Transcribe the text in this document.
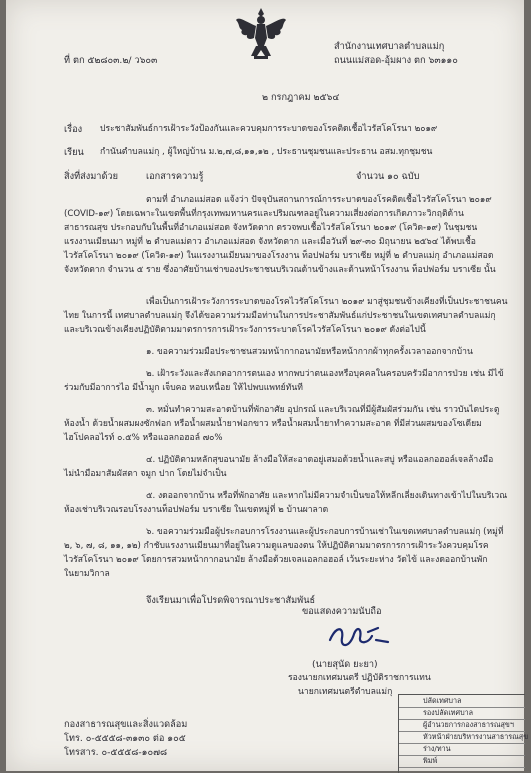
ที่ ตก ๕๒๘๐๓.๒/ ว๖๐๓
สำนักงานเทศบาลตำบลแม่กุ
ถนนแม่สอด-อุ้มผาง ตก ๖๓๑๑๐
๒ กรกฎาคม ๒๕๖๔
เรื่อง ประชาสัมพันธ์การเฝ้าระวังป้องกันและควบคุมการระบาดของโรคติดเชื้อไวรัสโคโรนา ๒๐๑๙
เรียน กำนันตำบลแม่กุ , ผู้ใหญ่บ้าน ม.๒,๗,๘,๑๑,๑๒ , ประธานชุมชนและประธาน อสม.ทุกชุมชน
สิ่งที่ส่งมาด้วย	เอกสารความรู้	จำนวน ๑๐ ฉบับ
ตามที่ อำเภอแม่สอด แจ้งว่า ปัจจุบันสถานการณ์การระบาดของโรคติดเชื้อไวรัสโคโรนา ๒๐๑๙
(COVID-๑๙) โดยเฉพาะในเขตพื้นที่กรุงเทพมหานครและปริมณฑลอยู่ในความเสี่ยงต่อการเกิดภาวะวิกฤติด้าน
สาธารณสุข ประกอบกับในพื้นที่อำเภอแม่สอด จังหวัดตาก ตรวจพบเชื้อไวรัสโคโรนา ๒๐๑๙ (โควิด-๑๙) ในชุมชน
แรงงานเมียนมา หมู่ที่ ๒ ตำบลแม่ตาว อำเภอแม่สอด จังหวัดตาก และเมื่อวันที่ ๒๙-๓๐ มิถุนายน ๒๕๖๔ ได้พบเชื้อ
ไวรัสโคโรนา ๒๐๑๙ (โควิด-๑๙) ในแรงงานเมียนมาของโรงงาน ท็อปฟอร์ม บราเซีย หมู่ที่ ๒ ตำบลแม่กุ อำเภอแม่สอด
จังหวัดตาก จำนวน ๕ ราย ซึ่งอาศัยบ้านเช่าของประชาชนบริเวณด้านข้างและด้านหน้าโรงงาน ท็อปฟอร์ม บราเซีย นั้น
เพื่อเป็นการเฝ้าระวังการระบาดของโรคไวรัสโคโรนา ๒๐๑๙ มาสู่ชุมชนข้างเคียงที่เป็นประชาชนคน
ไทย ในการนี้ เทศบาลตำบลแม่กุ จึงได้ขอความร่วมมือท่านในการประชาสัมพันธ์แก่ประชาชนในเขตเทศบาลตำบลแม่กุ
และบริเวณข้างเคียงปฏิบัติตามมาตรการการเฝ้าระวังการระบาดโรคไวรัสโคโรนา ๒๐๑๙ ดังต่อไปนี้
๑. ขอความร่วมมือประชาชนสวมหน้ากากอนามัยหรือหน้ากากผ้าทุกครั้งเวลาออกจากบ้าน
๒. เฝ้าระวังและสังเกตอาการตนเอง หากพบว่าตนเองหรือบุคคลในครอบครัวมีอาการป่วย เช่น มีไข้
ร่วมกับมีอาการไอ มีน้ำมูก เจ็บคอ หอบเหนื่อย ให้ไปพบแพทย์ทันที
๓. หมั่นทำความสะอาดบ้านที่พักอาศัย อุปกรณ์ และบริเวณที่มีผู้สัมผัสร่วมกัน เช่น ราวบันไดประตู
ห้องน้ำ ด้วยน้ำผสมผงซักฟอก หรือน้ำผสมน้ำยาฟอกขาว หรือน้ำผสมน้ำยาทำความสะอาด ที่มีส่วนผสมของโซเดียม
ไฮโปคลอไรท์ ๐.๕% หรือแอลกอฮอล์ ๗๐%
๔. ปฏิบัติตามหลักสุขอนามัย ล้างมือให้สะอาดอยู่เสมอด้วยน้ำและสบู่ หรือแอลกอฮอล์เจลล้างมือ
ไม่นำมือมาสัมผัสตา จมูก ปาก โดยไม่จำเป็น
๕. งดออกจากบ้าน หรือที่พักอาศัย และหากไม่มีความจำเป็นขอให้หลีกเลี่ยงเดินทางเข้าไปในบริเวณ
ห้องเช่าบริเวณรอบโรงงานท็อปฟอร์ม บราเซีย ในเขตหมู่ที่ ๒ บ้านผาลาด
๖. ขอความร่วมมือผู้ประกอบการโรงงานและผู้ประกอบการบ้านเช่าในเขตเทศบาลตำบลแม่กุ (หมู่ที่
๒, ๖, ๗, ๘, ๑๑, ๑๒) กำชับแรงงานเมียนมาที่อยู่ในความดูแลของตน ให้ปฏิบัติตามมาตรการการเฝ้าระวังควบคุมโรค
ไวรัสโคโรนา ๒๐๑๙ โดยการสวมหน้ากากอนามัย ล้างมือด้วยเจลแอลกอฮอล์ เว้นระยะห่าง วัดไข้ และงดออกบ้านพัก
ในยามวิกาล
จึงเรียนมาเพื่อโปรดพิจารณาประชาสัมพันธ์
ขอแสดงความนับถือ
(นายสุนัด ยะยา)
รองนายกเทศมนตรี ปฏิบัติราชการแทน
นายกเทศมนตรีตำบลแม่กุ
กองสาธารณสุขและสิ่งแวดล้อม
โทร. ๐-๕๕๕๘-๓๑๓๐ ต่อ ๑๐๕
โทรสาร. ๐-๕๕๕๘-๑๐๗๘
ปลัดเทศบาล
รองปลัดเทศบาล
ผู้อำนวยการกองสาธารณสุขฯ
หัวหน้าฝ่ายบริหารงานสาธารณสุข
ร่าง/ทาน
พิมพ์
